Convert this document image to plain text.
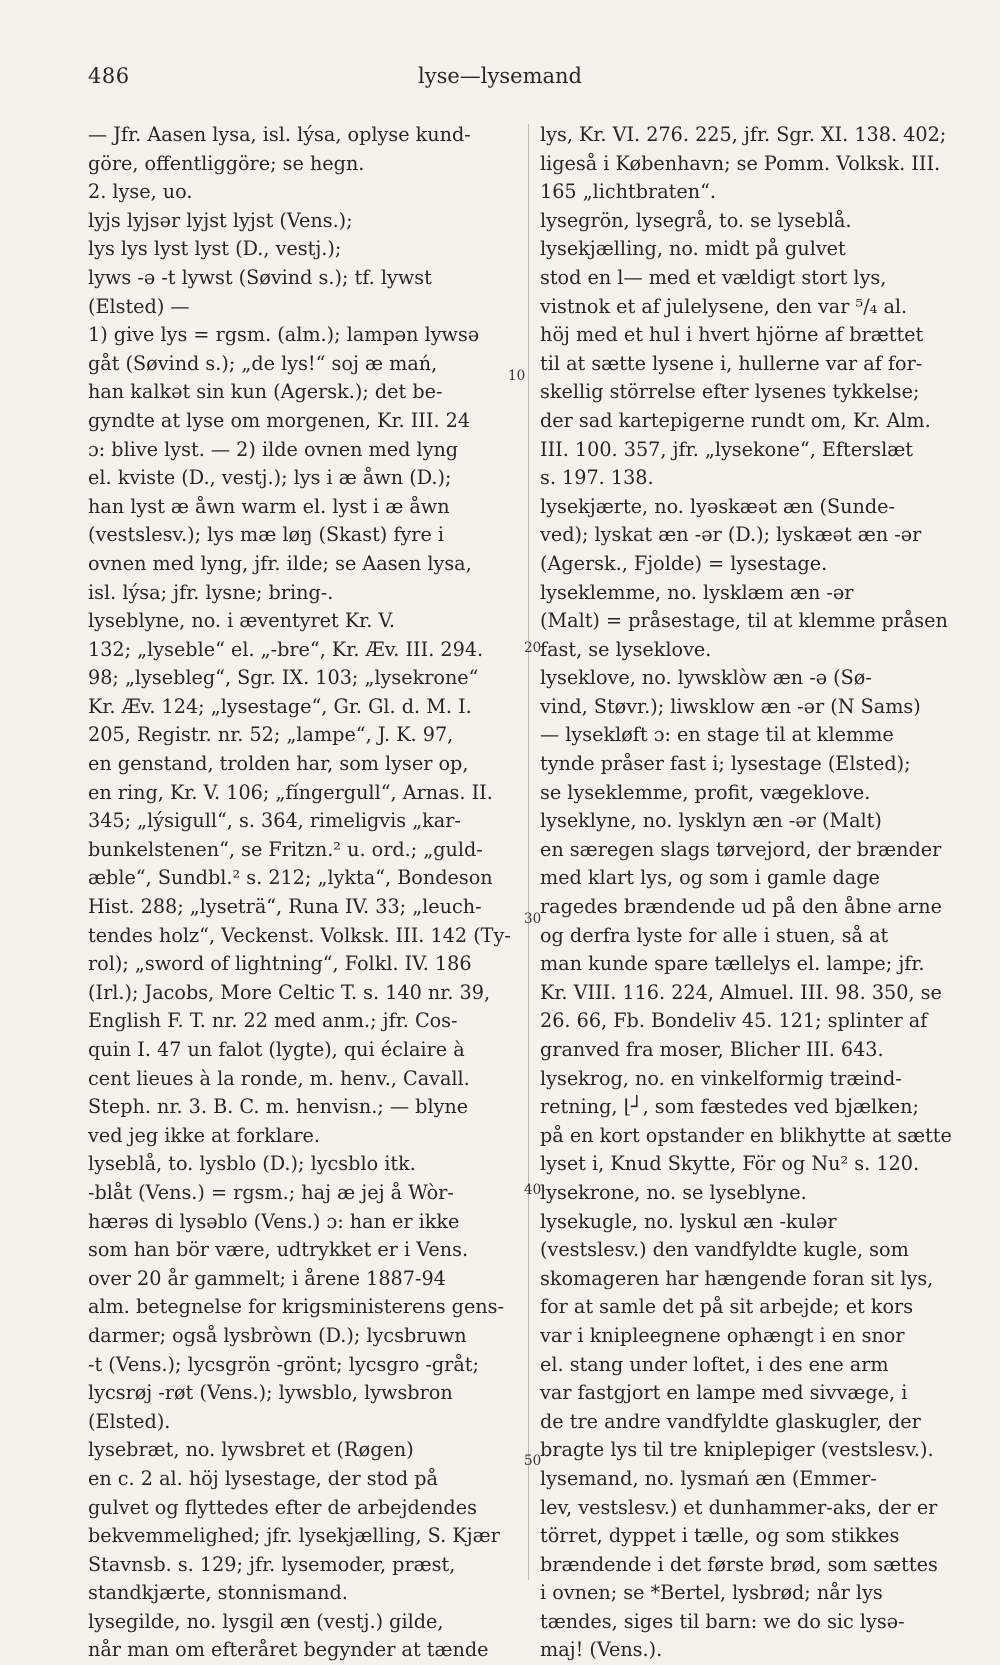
486	lyse—lysemand
— Jfr. Aasen lysa, isl. lýsa, oplyse kund-
göre, offentliggöre; se hegn.
2. lyse, uo.
lyjs lyjsər lyjst lyjst (Vens.);
lys lys lyst lyst (D., vestj.);
lyws -ə -t lywst (Søvind s.); tf. lywst
(Elsted) —
1) give lys = rgsm. (alm.); lampən lywsə
gåt (Søvind s.); „de lys!“ soj æ mań,
han kalkət sin kun (Agersk.); det be-
gyndte at lyse om morgenen, Kr. III. 24
ɔ: blive lyst. — 2) ilde ovnen med lyng
el. kviste (D., vestj.); lys i æ åwn (D.);
han lyst æ åwn warm el. lyst i æ åwn
(vestslesv.); lys mæ løŋ (Skast) fyre i
ovnen med lyng, jfr. ilde; se Aasen lysa,
isl. lýsa; jfr. lysne; bring-.
lyseblyne, no. i æventyret Kr. V.
132; „lyseble“ el. „-bre“, Kr. Æv. III. 294.
98; „lysebleg“, Sgr. IX. 103; „lysekrone“
Kr. Æv. 124; „lysestage“, Gr. Gl. d. M. I.
205, Registr. nr. 52; „lampe“, J. K. 97,
en genstand, trolden har, som lyser op,
en ring, Kr. V. 106; „fíngergull“, Arnas. II.
345; „lýsigull“, s. 364, rimeligvis „kar-
bunkelstenen“, se Fritzn.² u. ord.; „guld-
æble“, Sundbl.² s. 212; „lykta“, Bondeson
Hist. 288; „lyseträ“, Runa IV. 33; „leuch-
tendes holz“, Veckenst. Volksk. III. 142 (Ty-
rol); „sword of lightning“, Folkl. IV. 186
(Irl.); Jacobs, More Celtic T. s. 140 nr. 39,
English F. T. nr. 22 med anm.; jfr. Cos-
quin I. 47 un falot (lygte), qui éclaire à
cent lieues à la ronde, m. henv., Cavall.
Steph. nr. 3. B. C. m. henvisn.; — blyne
ved jeg ikke at forklare.
lyseblå, to. lysblo (D.); lycsblo itk.
-blåt (Vens.) = rgsm.; haj æ jej å Wòr-
hærəs di lysəblo (Vens.) ɔ: han er ikke
som han bör være, udtrykket er i Vens.
over 20 år gammelt; i årene 1887-94
alm. betegnelse for krigsministerens gens-
darmer; også lysbròwn (D.); lycsbruwn
-t (Vens.); lycsgrön -grönt; lycsgro -gråt;
lycsrøj -røt (Vens.); lywsblo, lywsbron
(Elsted).
lysebræt, no. lywsbret et (Røgen)
en c. 2 al. höj lysestage, der stod på
gulvet og flyttedes efter de arbejdendes
bekvemmelighed; jfr. lysekjælling, S. Kjær
Stavnsb. s. 129; jfr. lysemoder, præst,
standkjærte, stonnismand.
lysegilde, no. lysgil æn (vestj.) gilde,
når man om efteråret begynder at tænde
lys, Kr. VI. 276. 225, jfr. Sgr. XI. 138. 402;
ligeså i København; se Pomm. Volksk. III.
165 „lichtbraten“.
lysegrön, lysegrå, to. se lyseblå.
lysekjælling, no. midt på gulvet
stod en l— med et vældigt stort lys,
vistnok et af julelysene, den var ⁵/₄ al.
höj med et hul i hvert hjörne af brættet
til at sætte lysene i, hullerne var af for-
skellig störrelse efter lysenes tykkelse;
der sad kartepigerne rundt om, Kr. Alm.
III. 100. 357, jfr. „lysekone“, Efterslæt
s. 197. 138.
lysekjærte, no. lyəskæət æn (Sunde-
ved); lyskat æn -ər (D.); lyskæət æn -ər
(Agersk., Fjolde) = lysestage.
lyseklemme, no. lysklæm æn -ər
(Malt) = pråsestage, til at klemme pråsen
fast, se lyseklove.
lyseklove, no. lywsklòw æn -ə (Sø-
vind, Støvr.); liwsklow æn -ər (N Sams)
— lysekløft ɔ: en stage til at klemme
tynde pråser fast i; lysestage (Elsted);
se lyseklemme, profit, vægeklove.
lyseklyne, no. lysklyn æn -ər (Malt)
en særegen slags tørvejord, der brænder
med klart lys, og som i gamle dage
ragedes brændende ud på den åbne arne
og derfra lyste for alle i stuen, så at
man kunde spare tællelys el. lampe; jfr.
Kr. VIII. 116. 224, Almuel. III. 98. 350, se
26. 66, Fb. Bondeliv 45. 121; splinter af
granved fra moser, Blicher III. 643.
lysekrog, no. en vinkelformig træind-
retning, ⌊┘, som fæstedes ved bjælken;
på en kort opstander en blikhytte at sætte
lyset i, Knud Skytte, För og Nu² s. 120.
lysekrone, no. se lyseblyne.
lysekugle, no. lyskul æn -kulər
(vestslesv.) den vandfyldte kugle, som
skomageren har hængende foran sit lys,
for at samle det på sit arbejde; et kors
var i knipleegnene ophængt i en snor
el. stang under loftet, i des ene arm
var fastgjort en lampe med sivvæge, i
de tre andre vandfyldte glaskugler, der
bragte lys til tre kniplepiger (vestslesv.).
lysemand, no. lysmań æn (Emmer-
lev, vestslesv.) et dunhammer-aks, der er
törret, dyppet i tælle, og som stikkes
brændende i det første brød, som sættes
i ovnen; se *Bertel, lysbrød; når lys
tændes, siges til barn: we do sic lysə-
maj! (Vens.).
10
20
30
40
50
